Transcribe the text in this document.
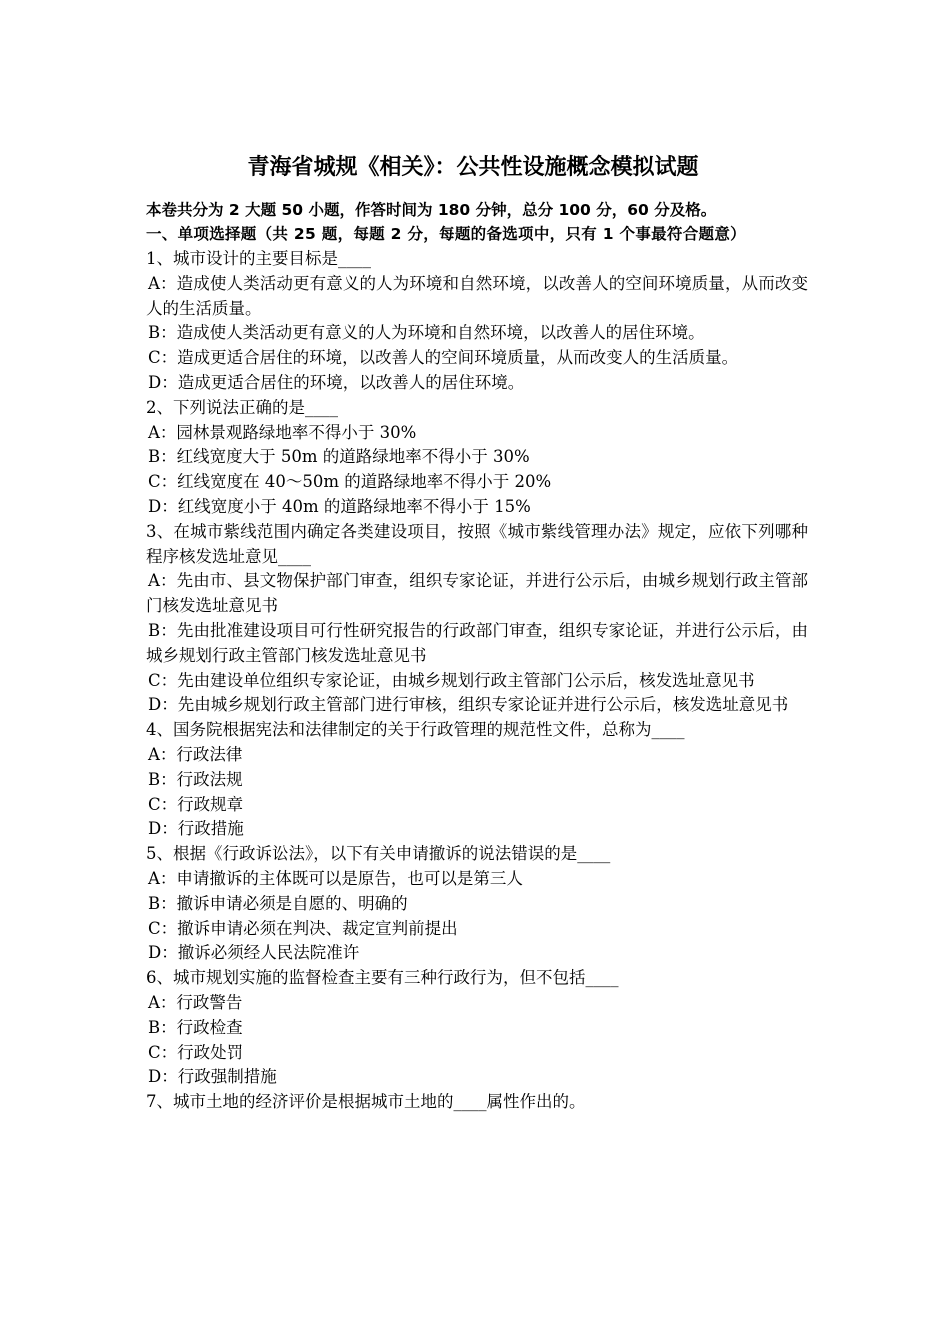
青海省城规《相关》：公共性设施概念模拟试题
本卷共分为 2 大题 50 小题，作答时间为 180 分钟，总分 100 分，60 分及格。
一、单项选择题（共 25 题，每题 2 分，每题的备选项中，只有 1 个事最符合题意）
1、城市设计的主要目标是____
A：造成使人类活动更有意义的人为环境和自然环境，以改善人的空间环境质量，从而改变人的生活质量。
B：造成使人类活动更有意义的人为环境和自然环境，以改善人的居住环境。
C：造成更适合居住的环境，以改善人的空间环境质量，从而改变人的生活质量。
D：造成更适合居住的环境，以改善人的居住环境。
2、下列说法正确的是____
A：园林景观路绿地率不得小于 30%
B：红线宽度大于 50m 的道路绿地率不得小于 30%
C：红线宽度在 40～50m 的道路绿地率不得小于 20%
D：红线宽度小于 40m 的道路绿地率不得小于 15%
3、在城市紫线范围内确定各类建设项目，按照《城市紫线管理办法》规定，应依下列哪种程序核发选址意见____
A：先由市、县文物保护部门审查，组织专家论证，并进行公示后，由城乡规划行政主管部门核发选址意见书
B：先由批准建设项目可行性研究报告的行政部门审查，组织专家论证，并进行公示后，由城乡规划行政主管部门核发选址意见书
C：先由建设单位组织专家论证，由城乡规划行政主管部门公示后，核发选址意见书
D：先由城乡规划行政主管部门进行审核，组织专家论证并进行公示后，核发选址意见书
4、国务院根据宪法和法律制定的关于行政管理的规范性文件，总称为____
A：行政法律
B：行政法规
C：行政规章
D：行政措施
5、根据《行政诉讼法》，以下有关申请撤诉的说法错误的是____
A：申请撤诉的主体既可以是原告，也可以是第三人
B：撤诉申请必须是自愿的、明确的
C：撤诉申请必须在判决、裁定宣判前提出
D：撤诉必须经人民法院准许
6、城市规划实施的监督检查主要有三种行政行为，但不包括____
A：行政警告
B：行政检查
C：行政处罚
D：行政强制措施
7、城市土地的经济评价是根据城市土地的____属性作出的。
